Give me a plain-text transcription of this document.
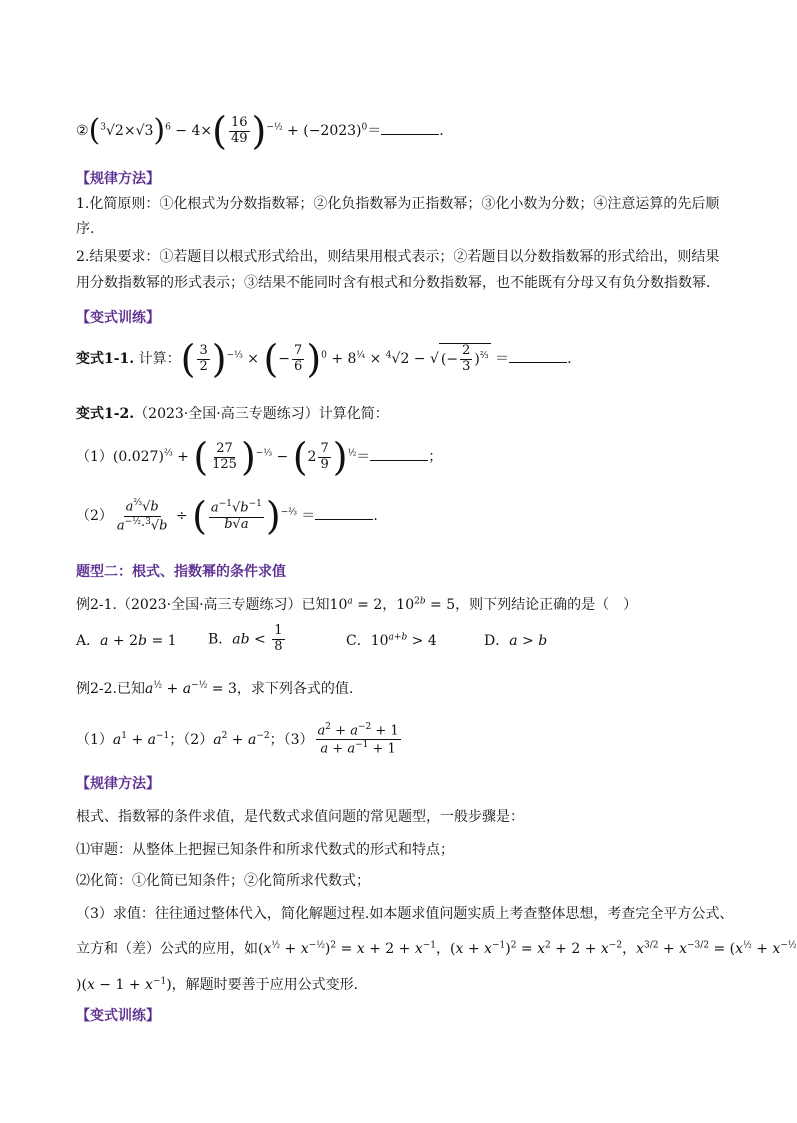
$②(^3√2\times√3)^6 - 4\times( \frac{16}{49} )^{-\frac{1}{2}} + (-2023)^0=$	.
【规律方法】
1.化简原则：①化根式为分数指数幂；②化负指数幂为正指数幂；③化小数为分数；④注意运算的先后顺
序.
2.结果要求：①若题目以根式形式给出，则结果用根式表示；②若题目以分数指数幂的形式给出，则结果
用分数指数幂的形式表示；③结果不能同时含有根式和分数指数幂，也不能既有分母又有负分数指数幂．
【变式训练】
变式1-1. 计算：( $\frac{3}{2} )^{-\frac{1}{3}}$ × (− $\frac{7}{6} )^0 + 8^{\frac{1}{4}} \times ^4√2$ − √ (− $\frac{2}{3} )^{\frac{2}{3}}$ ＝	.
变式1-2.（2023·全国·高三专题练习）计算化简：
$(1)(0.027)^{\frac{2}{3}}$ + ( $\frac{27}{125} )^{-\frac{1}{3}} - (2 \frac{7}{9} )^{\frac{1}{2}}=$	；
$(2) \frac{a^{\frac{2}{3}}√b}{a^{-\frac{1}{2}}\cdot^3√b}$ ÷ ( $\frac{a^{-1}√b^{-1}}{b√a} )^{-\frac{2}{3}}$ ＝	.
题型二：根式、指数幂的条件求值
例2-1.（2023·全国·高三专题练习）已知$10^a = 2$，$10^{2b} = 5$，则下列结论正确的是（　）
A．a + 2b = 1 B．ab < $\frac{1}{8}$	C．$10^{a+b} > 4$	D．a > b
例2-2.已知$a^{\frac{1}{2}} + a^{-\frac{1}{2}} = 3$，求下列各式的值.
$(1)a^1 + a^{-1}$；$(2)a^2 + a^{-2}$；$(3) \frac{a^2 + a^{-2} + 1}{a + a^{-1} + 1}$
【规律方法】
根式、指数幂的条件求值，是代数式求值问题的常见题型，一般步骤是：
⑴审题：从整体上把握已知条件和所求代数式的形式和特点；
⑵化简：①化简已知条件；②化简所求代数式；
（3）求值：往往通过整体代入，简化解题过程.如本题求值问题实质上考查整体思想，考查完全平方公式、
立方和（差）公式的应用，如$(x^{\frac{1}{2}} + x^{-\frac{1}{2}})^2 = x + 2 + x^{-1}$，$(x + x^{-1})^2 = x^2 + 2 + x^{-2}$，$x^{3/2} + x^{-3/2} = (x^{\frac{1}{2}} + x^{-\frac{1}{2}}$
)$(x - 1 + x^{-1})$，解题时要善于应用公式变形．
【变式训练】
